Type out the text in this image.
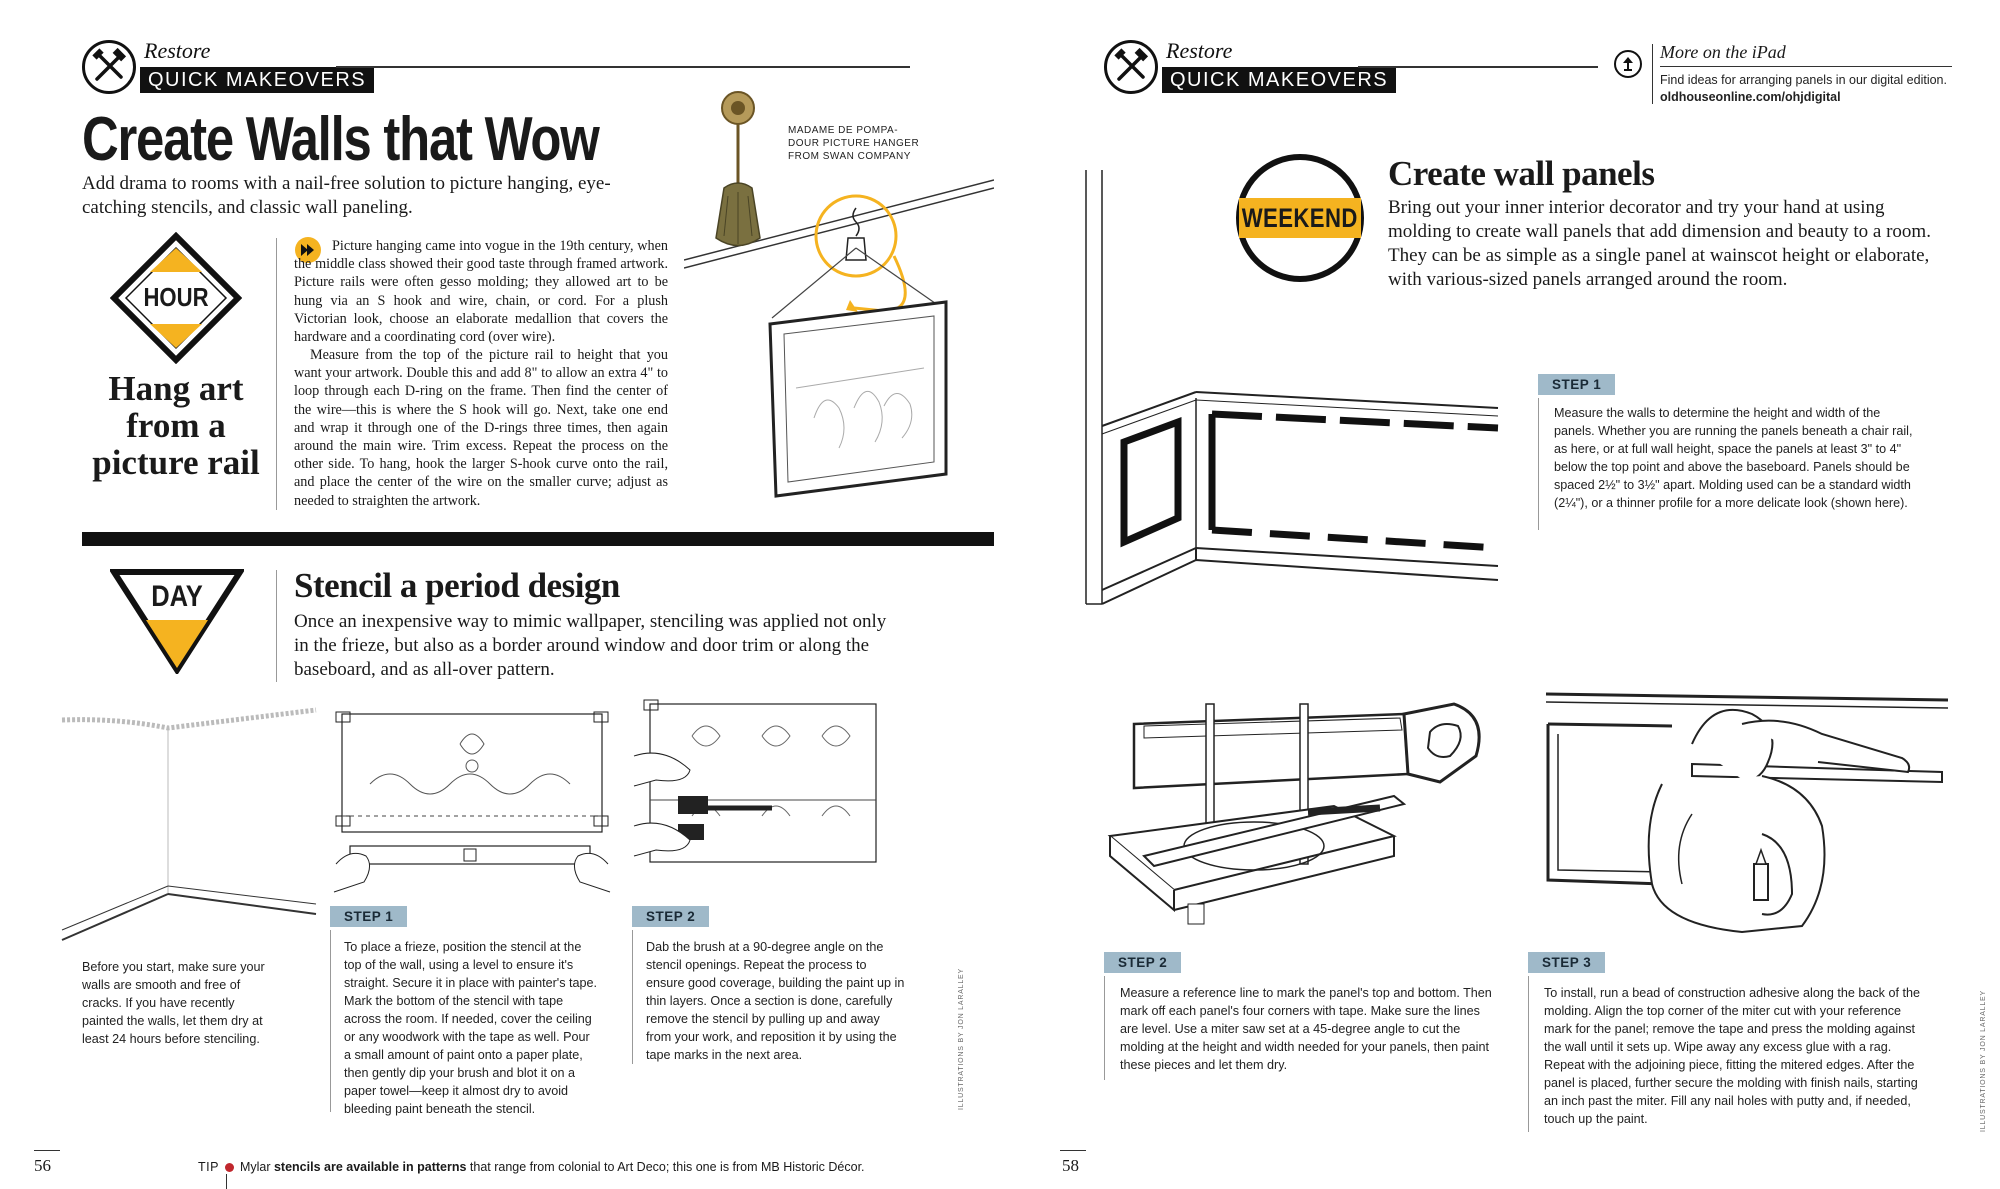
Restore
QUICK MAKEOVERS
Create Walls that Wow
Add drama to rooms with a nail-free solution to picture hanging, eye-catching stencils, and classic wall paneling.
MADAME DE POMPA-
DOUR PICTURE HANGER
FROM SWAN COMPANY
HOUR
Hang art from a picture rail
Picture hanging came into vogue in the 19th century, when the middle class showed their good taste through framed artwork. Picture rails were often gesso molding; they allowed art to be hung via an S hook and wire, chain, or cord. For a plush Victorian look, choose an elaborate medallion that covers the hardware and a coordinating cord (over wire).
Measure from the top of the picture rail to height that you want your artwork. Double this and add 8" to allow an extra 4" to loop through each D-ring on the frame. Then find the center of the wire—this is where the S hook will go. Next, take one end and wrap it through one of the D-rings three times, then again around the main wire. Trim excess. Repeat the process on the other side. To hang, hook the larger S-hook curve onto the rail, and place the center of the wire on the smaller curve; adjust as needed to straighten the artwork.
DAY	Stencil a period design
Once an inexpensive way to mimic wallpaper, stenciling was applied not only in the frieze, but also as a border around window and door trim or along the baseboard, and as all-over pattern.
Before you start, make sure your walls are smooth and free of cracks. If you have recently painted the walls, let them dry at least 24 hours before stenciling.
STEP 1
To place a frieze, position the stencil at the top of the wall, using a level to ensure it's straight. Secure it in place with painter's tape. Mark the bottom of the stencil with tape across the room. If needed, cover the ceiling or any woodwork with the tape as well. Pour a small amount of paint onto a paper plate, then gently dip your brush and blot it on a paper towel—keep it almost dry to avoid bleeding paint beneath the stencil.
STEP 2
Dab the brush at a 90-degree angle on the stencil openings. Repeat the process to ensure good coverage, building the paint up in thin layers. Once a section is done, carefully remove the stencil by pulling up and away from your work, and reposition it by using the tape marks in the next area.	ILLUSTRATIONS BY JON LARALLEY
56	TIP Mylar stencils are available in patterns that range from colonial to Art Deco; this one is from MB Historic Décor.
Restore
QUICK MAKEOVERS
More on the iPad
Find ideas for arranging panels in our digital edition. oldhouseonline.com/ohjdigital
WEEKEND
Create wall panels
Bring out your inner interior decorator and try your hand at using molding to create wall panels that add dimension and beauty to a room. They can be as simple as a single panel at wainscot height or elaborate, with various-sized panels arranged around the room.
STEP 1
Measure the walls to determine the height and width of the panels. Whether you are running the panels beneath a chair rail, as here, or at full wall height, space the panels at least 3" to 4" below the top point and above the baseboard. Panels should be spaced 2½" to 3½" apart. Molding used can be a standard width (2¼"), or a thinner profile for a more delicate look (shown here).
STEP 2
Measure a reference line to mark the panel's top and bottom. Then mark off each panel's four corners with tape. Make sure the lines are level. Use a miter saw set at a 45-degree angle to cut the molding at the height and width needed for your panels, then paint these pieces and let them dry.
STEP 3
To install, run a bead of construction adhesive along the back of the molding. Align the top corner of the miter cut with your reference mark for the panel; remove the tape and press the molding against the wall until it sets up. Wipe away any excess glue with a rag. Repeat with the adjoining piece, fitting the mitered edges. After the panel is placed, further secure the molding with finish nails, starting an inch past the miter. Fill any nail holes with putty and, if needed, touch up the paint.	ILLUSTRATIONS BY JON LARALLEY
58
